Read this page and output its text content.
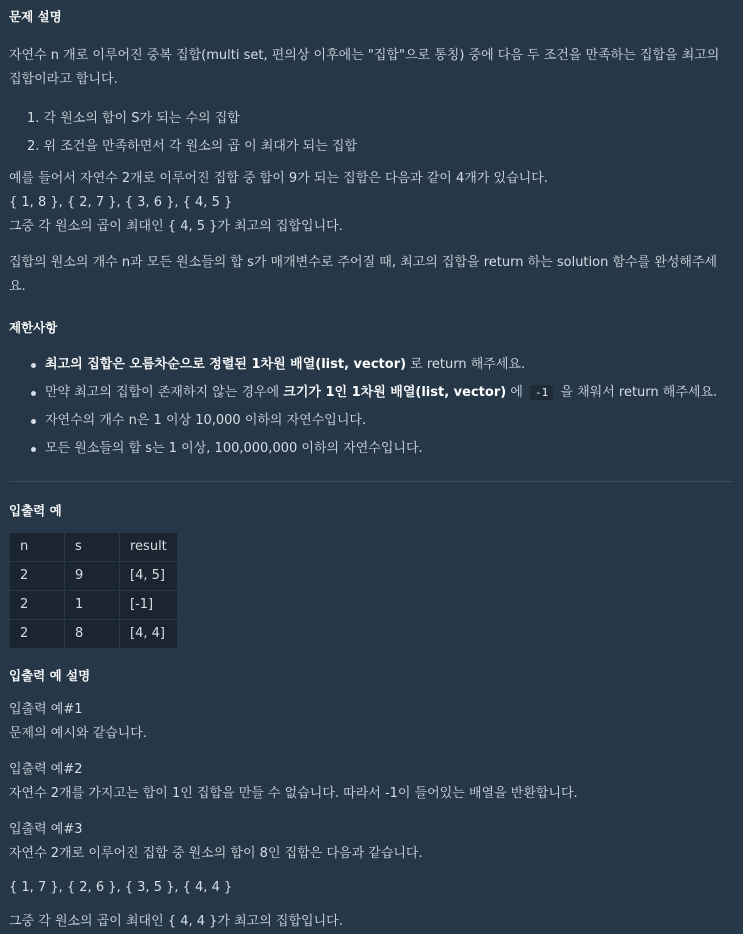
문제 설명

자연수 n 개로 이루어진 중복 집합(multi set, 편의상 이후에는 "집합"으로 통칭) 중에 다음 두 조건을 만족하는 집합을 최고의 집합이라고 합니다.

1. 각 원소의 합이 S가 되는 수의 집합
2. 위 조건을 만족하면서 각 원소의 곱 이 최대가 되는 집합

예를 들어서 자연수 2개로 이루어진 집합 중 합이 9가 되는 집합은 다음과 같이 4개가 있습니다.

{ 1, 8 }, { 2, 7 }, { 3, 6 }, { 4, 5 }

그중 각 원소의 곱이 최대인 { 4, 5 }가 최고의 집합입니다.

집합의 원소의 개수 n과 모든 원소들의 합 s가 매개변수로 주어질 때, 최고의 집합을 return 하는 solution 함수를 완성해주세요.

제한사항

최고의 집합은 오름차순으로 정렬된 1차원 배열(list, vector) 로 return 해주세요.
만약 최고의 집합이 존재하지 않는 경우에 크기가 1인 1차원 배열(list, vector) 에 -1 을 채워서 return 해주세요.
자연수의 개수 n은 1 이상 10,000 이하의 자연수입니다.
모든 원소들의 합 s는 1 이상, 100,000,000 이하의 자연수입니다.

입출력 예

n	s	result
2	9	[4, 5]
2	1	[-1]
2	8	[4, 4]

입출력 예 설명

입출력 예#1

문제의 예시와 같습니다.

입출력 예#2

자연수 2개를 가지고는 합이 1인 집합을 만들 수 없습니다. 따라서 -1이 들어있는 배열을 반환합니다.

입출력 예#3

자연수 2개로 이루어진 집합 중 원소의 합이 8인 집합은 다음과 같습니다.

{ 1, 7 }, { 2, 6 }, { 3, 5 }, { 4, 4 }

그중 각 원소의 곱이 최대인 { 4, 4 }가 최고의 집합입니다.
